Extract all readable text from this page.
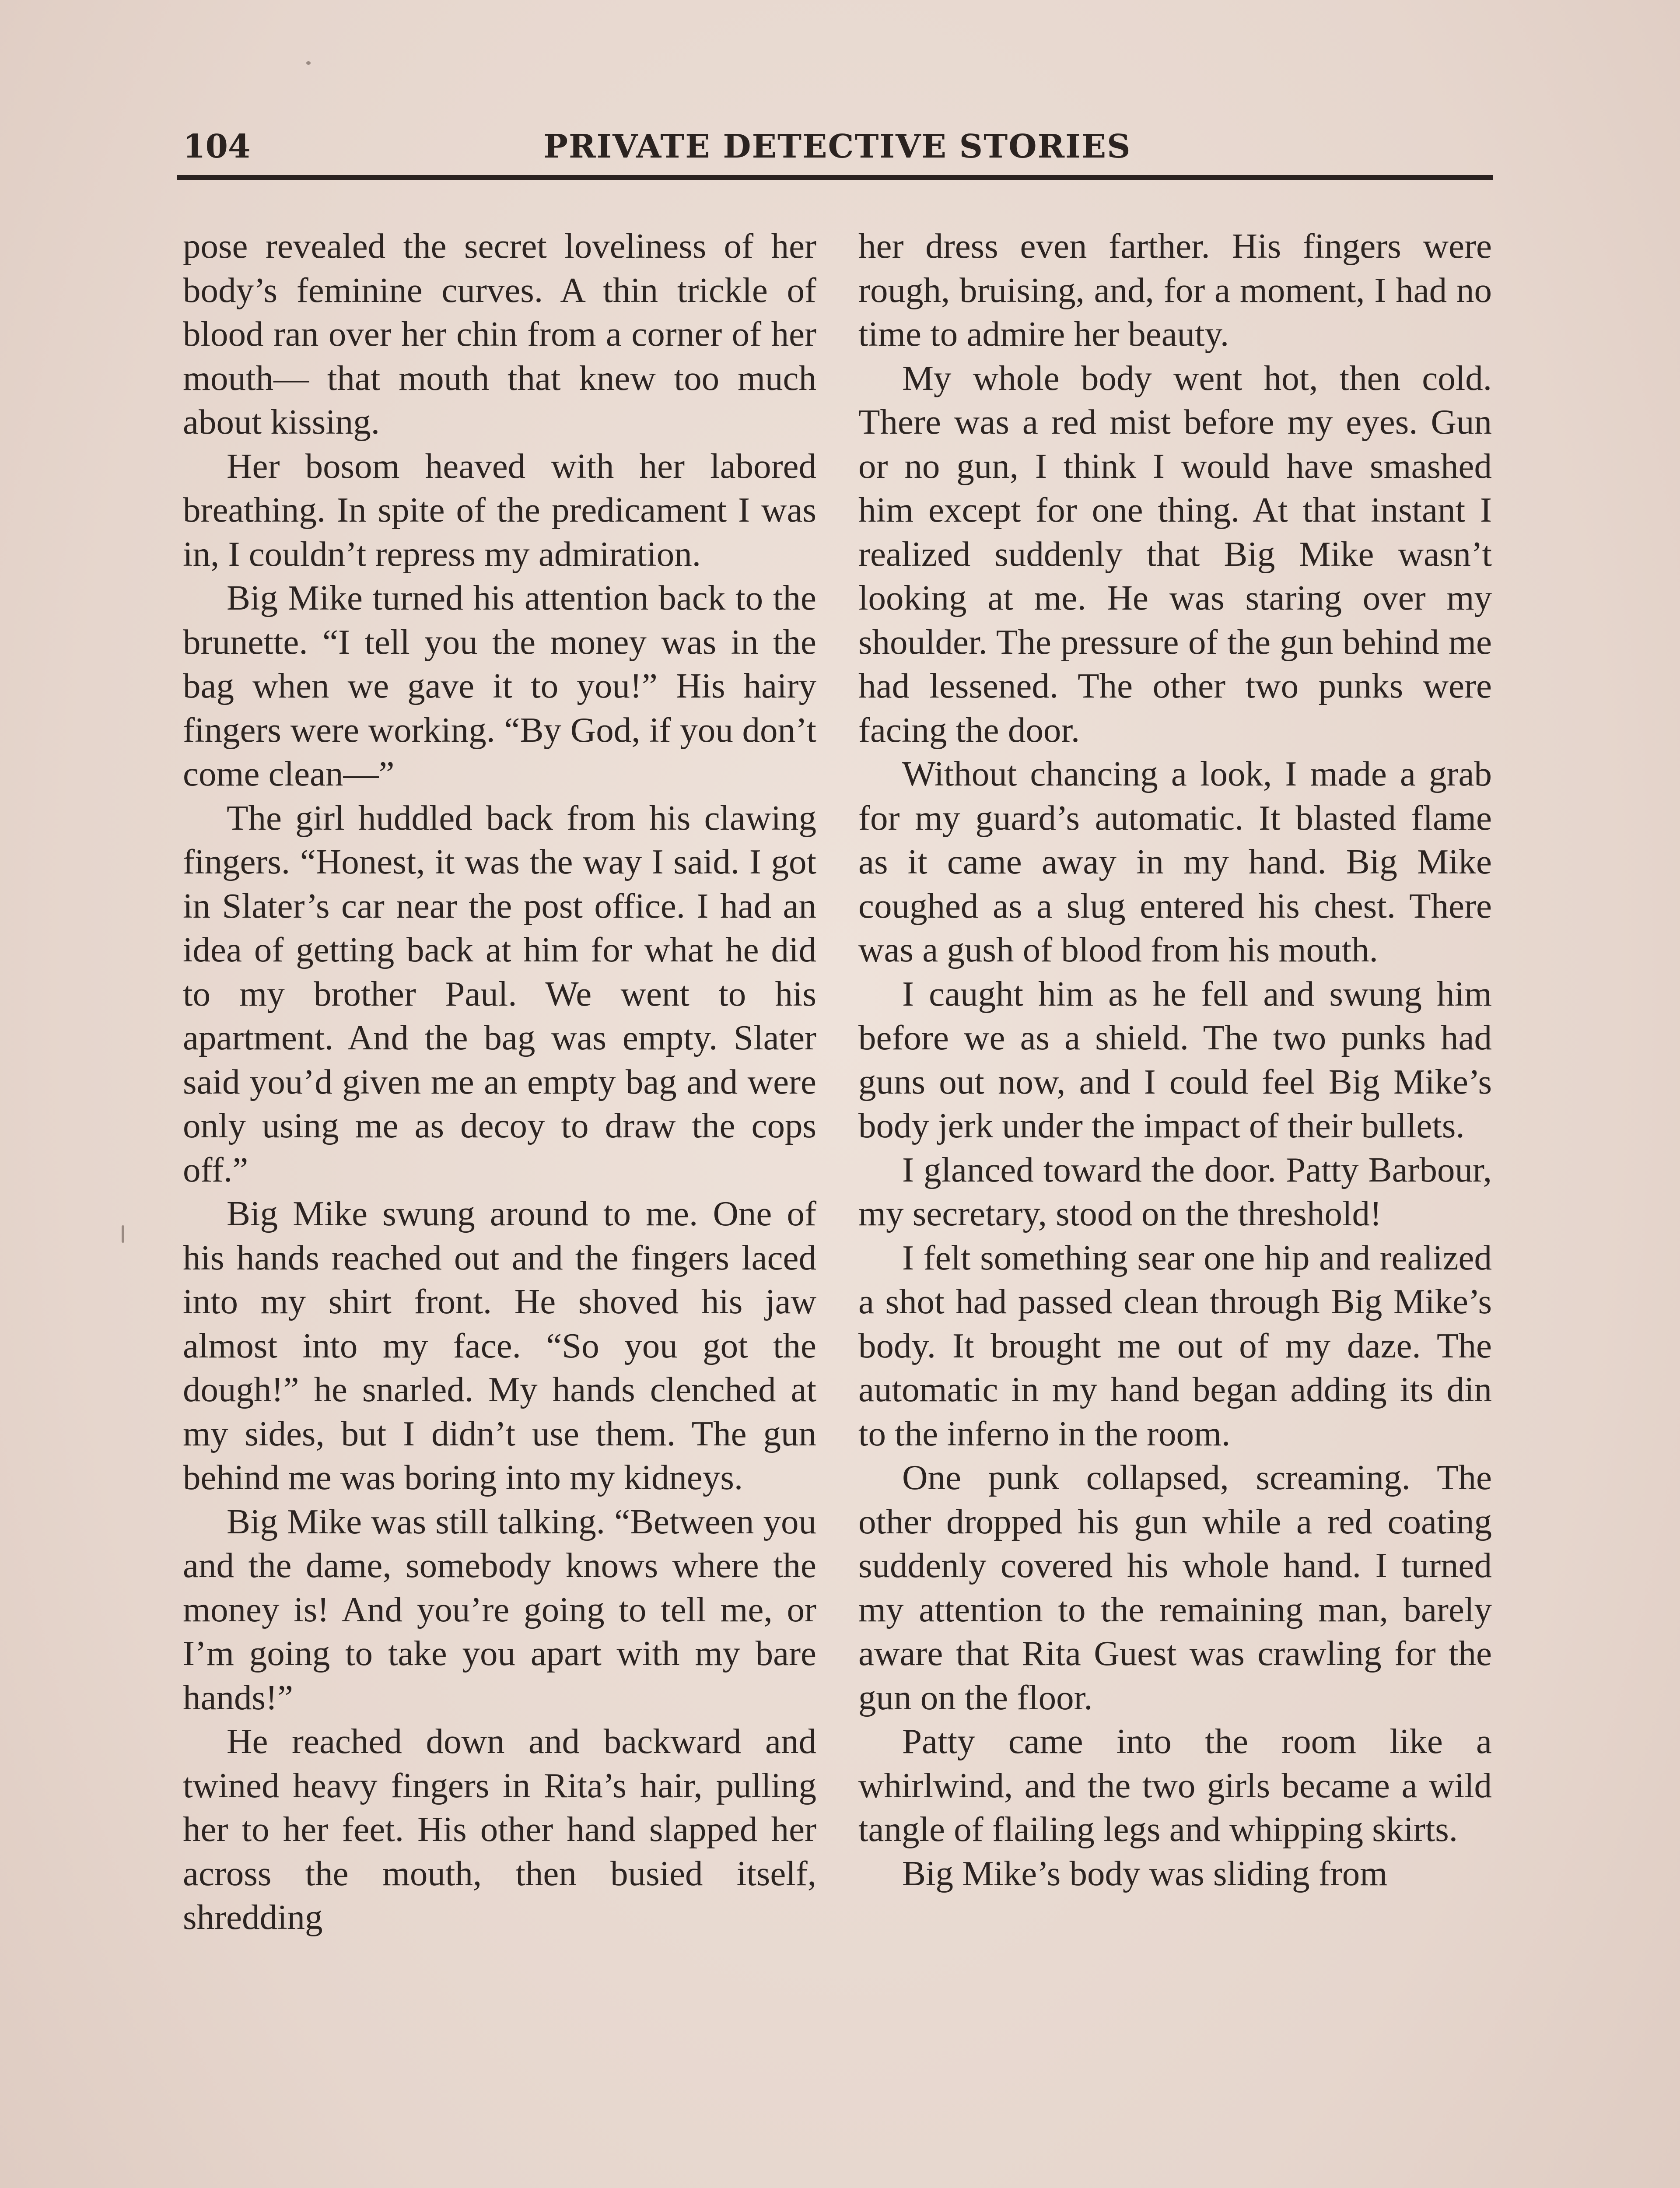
104	PRIVATE DETECTIVE STORIES

pose revealed the secret loveliness of her body’s feminine curves. A thin trickle of blood ran over her chin from a corner of her mouth— that mouth that knew too much about kissing.

Her bosom heaved with her labored breathing. In spite of the predicament I was in, I couldn’t repress my admiration.

Big Mike turned his attention back to the brunette. “I tell you the money was in the bag when we gave it to you!” His hairy fingers were working. “By God, if you don’t come clean—”

The girl huddled back from his clawing fingers. “Honest, it was the way I said. I got in Slater’s car near the post office. I had an idea of getting back at him for what he did to my brother Paul. We went to his apartment. And the bag was empty. Slater said you’d given me an empty bag and were only using me as decoy to draw the cops off.”

Big Mike swung around to me. One of his hands reached out and the fingers laced into my shirt front. He shoved his jaw almost into my face. “So you got the dough!” he snarled. My hands clenched at my sides, but I didn’t use them. The gun behind me was boring into my kidneys.

Big Mike was still talking. “Between you and the dame, somebody knows where the money is! And you’re going to tell me, or I’m going to take you apart with my bare hands!”

He reached down and backward and twined heavy fingers in Rita’s hair, pulling her to her feet. His other hand slapped her across the mouth, then busied itself, shredding

her dress even farther. His fingers were rough, bruising, and, for a moment, I had no time to admire her beauty.

My whole body went hot, then cold. There was a red mist before my eyes. Gun or no gun, I think I would have smashed him except for one thing. At that instant I realized suddenly that Big Mike wasn’t looking at me. He was staring over my shoulder. The pressure of the gun behind me had lessened. The other two punks were facing the door.

Without chancing a look, I made a grab for my guard’s automatic. It blasted flame as it came away in my hand. Big Mike coughed as a slug entered his chest. There was a gush of blood from his mouth.

I caught him as he fell and swung him before we as a shield. The two punks had guns out now, and I could feel Big Mike’s body jerk under the impact of their bullets.

I glanced toward the door. Patty Barbour, my secretary, stood on the threshold!

I felt something sear one hip and realized a shot had passed clean through Big Mike’s body. It brought me out of my daze. The automatic in my hand began adding its din to the inferno in the room.

One punk collapsed, screaming. The other dropped his gun while a red coating suddenly covered his whole hand. I turned my attention to the remaining man, barely aware that Rita Guest was crawling for the gun on the floor.

Patty came into the room like a whirlwind, and the two girls became a wild tangle of flailing legs and whipping skirts.

Big Mike’s body was sliding from
